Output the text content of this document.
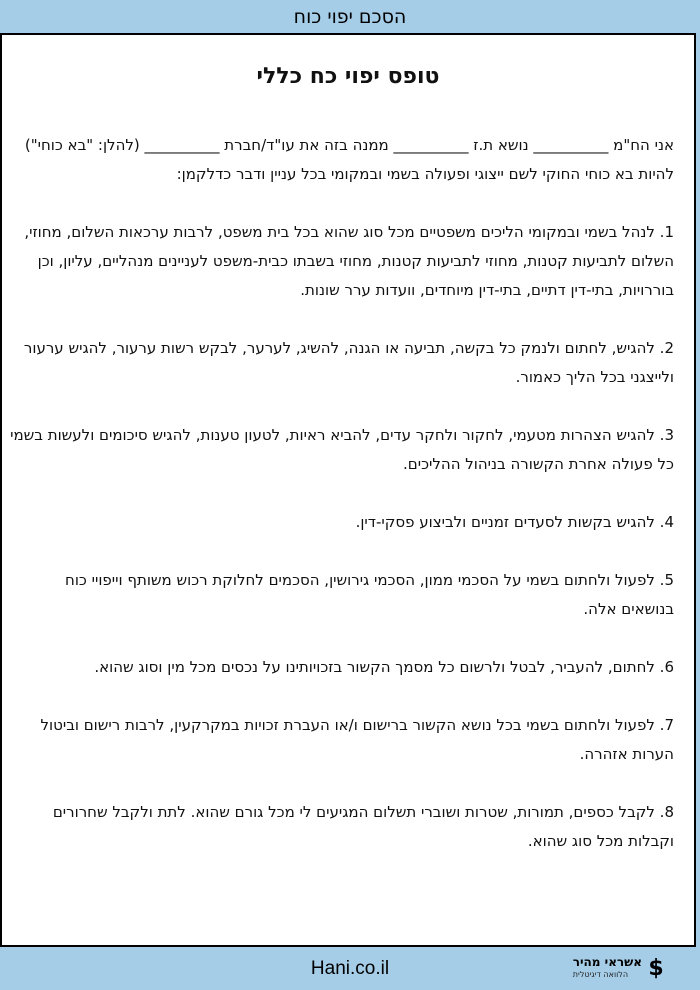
הסכם יפוי כוח
טופס יפוי כח כללי

אני הח"מ __________ נושא ת.ז __________ ממנה בזה את עו"ד/חברת __________ (להלן: "בא כוחי") להיות בא כוחי החוקי לשם ייצוגי ופעולה בשמי ובמקומי בכל עניין ודבר כדלקמן:

1. לנהל בשמי ובמקומי הליכים משפטיים מכל סוג שהוא בכל בית משפט, לרבות ערכאות השלום, מחוזי, השלום לתביעות קטנות, מחוזי לתביעות קטנות, מחוזי בשבתו כבית-משפט לעניינים מנהליים, עליון, וכן בוררויות, בתי-דין דתיים, בתי-דין מיוחדים, וועדות ערר שונות.

2. להגיש, לחתום ולנמק כל בקשה, תביעה או הגנה, להשיג, לערער, לבקש רשות ערעור, להגיש ערעור ולייצגני בכל הליך כאמור.

3. להגיש הצהרות מטעמי, לחקור ולחקר עדים, להביא ראיות, לטעון טענות, להגיש סיכומים ולעשות בשמי כל פעולה אחרת הקשורה בניהול ההליכים.

4. להגיש בקשות לסעדים זמניים ולביצוע פסקי-דין.

5. לפעול ולחתום בשמי על הסכמי ממון, הסכמי גירושין, הסכמים לחלוקת רכוש משותף וייפויי כוח בנושאים אלה.

6. לחתום, להעביר, לבטל ולרשום כל מסמך הקשור בזכויותינו על נכסים מכל מין וסוג שהוא.

7. לפעול ולחתום בשמי בכל נושא הקשור ברישום ו/או העברת זכויות במקרקעין, לרבות רישום וביטול הערות אזהרה.

8. לקבל כספים, תמורות, שטרות ושוברי תשלום המגיעים לי מכל גורם שהוא. לתת ולקבל שחרורים וקבלות מכל סוג שהוא.

Hani.co.il	אשראי מהיר
הלוואה דיגיטלית $
